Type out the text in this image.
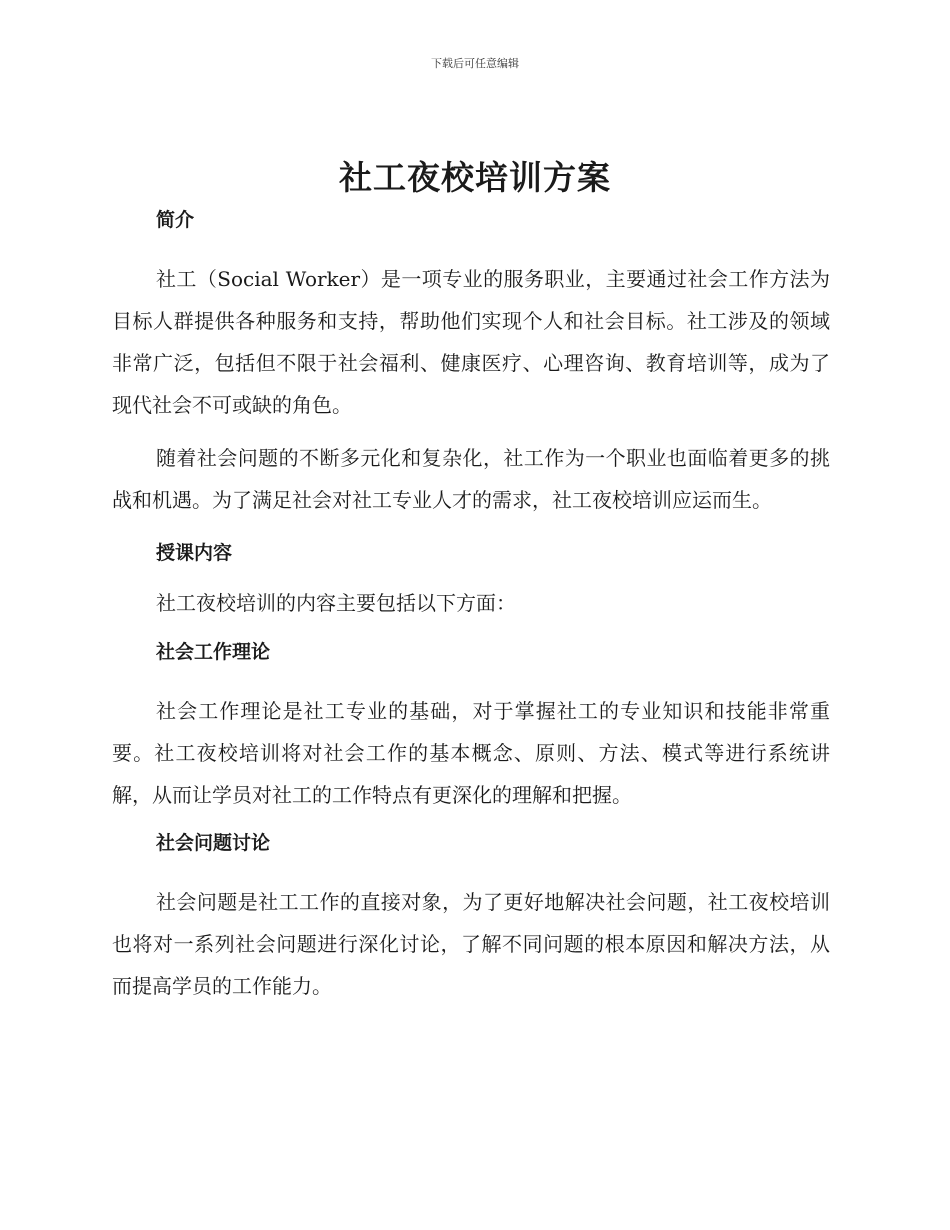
下载后可任意编辑
社工夜校培训方案
简介

社工（Social Worker）是一项专业的服务职业，主要通过社会工作方法为目标人群提供各种服务和支持，帮助他们实现个人和社会目标。社工涉及的领域非常广泛，包括但不限于社会福利、健康医疗、心理咨询、教育培训等，成为了现代社会不可或缺的角色。

随着社会问题的不断多元化和复杂化，社工作为一个职业也面临着更多的挑战和机遇。为了满足社会对社工专业人才的需求，社工夜校培训应运而生。

授课内容

社工夜校培训的内容主要包括以下方面：

社会工作理论

社会工作理论是社工专业的基础，对于掌握社工的专业知识和技能非常重要。社工夜校培训将对社会工作的基本概念、原则、方法、模式等进行系统讲解，从而让学员对社工的工作特点有更深化的理解和把握。

社会问题讨论

社会问题是社工工作的直接对象，为了更好地解决社会问题，社工夜校培训也将对一系列社会问题进行深化讨论，了解不同问题的根本原因和解决方法，从而提高学员的工作能力。
